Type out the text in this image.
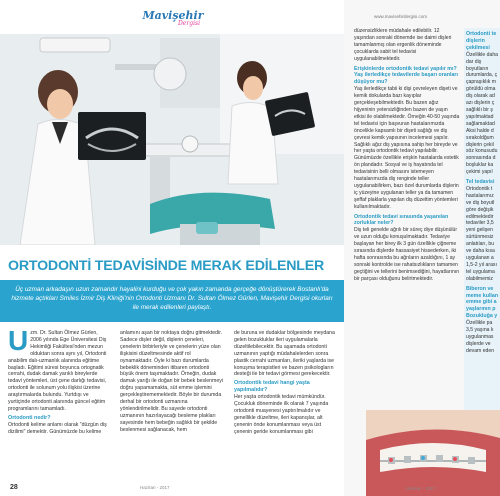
Mavişehir
Dergisi
ORTODONTİ TEDAVİSİNDE MERAK EDİLENLER
Üç uzman arkadaşın uzun zamandır hayalini kurduğu ve çok yakın zamanda gerçeğe dönüştürerek Bostanlı'da hizmete açtıkları Smiles İzmir Diş Kliniği'nin Ortodonti Uzmanı Dr. Sultan Ölmez Gürlen, Mavişehir Dergisi okurları ile merak edilenleri paylaştı.
U zm. Dr. Sultan Ölmez Gürlen, 2006 yılında Ege Üniversitesi Diş Hekimliği Fakültesi'nden mezun olduktan sonra aynı yıl, Ortodonti anabilim dalı-uzmanlık alanında eğitime başladı. Eğitimi süresi boyunca ortognatik cerrahi, dudak damak yarıklı bireylerde tedavi yöntemleri, üst çene darlığı tedavisi, ortodonti ile solunum yolu ilişkisi üzerine araştırmalarda bulundu. Yurtdışı ve yurtiçinde ortodonti alanında güncel eğitim programlarını tamamladı.

Ortodonti nedir?

Ortodonti kelime anlamı olarak "düzgün diş dizilimi" demektir. Günümüzde bu kelime

anlamını aşan bir noktaya doğru gitmektedir. Sadece dişler değil, dişlerin çeneleri, çenelerin birbirleriyle ve çenelerin yüze olan ilişkisini düzeltmesinde aktif rol oynamaktadır. Öyle ki bazı durumlarda bebeklik döneminden itibaren ortodonti büyük önem taşımaktadır. Örneğin, dudak damak yarığı ile doğan bir bebek beslenmeyi doğru yapamamakta, süt emme işlemini gerçekleştirememektedir. Böyle bir durumda derhal bir ortodonti uzmanına yönlendirilmelidir. Bu sayede ortodonti uzmanının hazırlayacağı besleme plakları sayesinde hem bebeğin sağlıklı bir şekilde beslenmesi sağlanacak, hem

de buruna ve dudaklar bölgesinde meydana gelen bozukluklar ileri uygulamalarla düzeltilebilecektir. Bu aşamada ortodonti uzmanının yaptığı müdahalelerden sonra plastik cerrahi uzmanları, ileriki yaşlarda ise konuşma terapistleri ve bazen psikologların desteği ile bir tedavi görmesi gerekecektir.

Ortodontik tedavi hangi yaşta yapılmalıdır?

Her yaşta ortodontik tedavi mümkündür. Çocukluk döneminde ilk olarak 7 yaşında ortodonti muayenesi yaptırılmalıdır ve genellikle düzeltme, ileri kapanışlar, alt çenenin önde konumlanması veya üst çenenin geride konumlanması gibi

28	Haziran - 2017
www.mavisehirdergisi.com

düzensizliklere müdahale edilebilir. 12 yaşından sonraki dönemde ise daimi dişleri tamamlanmış olan ergenlik döneminde çocuklarda sabit tel tedavisi uygulanabilmektedir.

Erişkinlerde ortodontik tedavi yapılır mı? Yaş ilerledikçe tedavilerde başarı oranları düşüyor mu?

Yaş ilerledikçe tabii ki dişi çevreleyen dişeti ve kemik dokularda bazı kayıplar gerçekleşebilmektedir. Bu bazen ağız hijyeninin yetersizliğinden bazen de yaşın etkisi ile olabilmektedir. Örneğin 40-50 yaşında tel tedavisi için başvuran hastalarımızda öncelikle kapsamlı bir dişeti sağlığı ve diş çevresi kemik yapısının incelemesi yapılır. Sağlıklı ağız diş yapısına sahip her bireyde ve her yaşta ortodontik tedavi yapılabilir. Günümüzde özellikle erişkin hastalarda estetik ön plandadır. Sosyal ve iş hayatında tel tedavisinin belli olmasını istemeyen hastalarımızda diş renginde teller uygulanabilirken, bazı özel durumlarda dişlerin iç yüzeyine uygulanan teller ya da tamamen şeffaf plaklarla yapılan diş düzeltim yöntemleri kullanılmaktadır.

Ortodontik tedavi sırasında yaşanılan zorluklar neler?

Diş teli genelde ağrılı bir süreç diye düşünülür ve uzun olduğu konuşulmaktadır. Tedaviye başlayan her birey ilk 3 gün özellikle çiğneme sırasında dişlerde hassasiyet hissederken, iki hafta sonrasında bu ağrıların azaldığını, 1 ay sonraki kontrolde ise rahatsızlıkların tamamen geçtiğini ve tellerini benimsediğini, hayatlarının bir parçası olduğunu belirtmektedir.

Ortodonti te dişlerin çekilmesi

Özellikle daha dar diş boyutların durumlarda, ç çapraşıklık m görüldü olma diş olarak ad azı dişlerin ç sağlıklı bir ş yapılmaktad sağlamaktad Aksi halde d sırakoldğum dişlerin çekil söz konusudu sonrasında d boşluklar ka çekimi yapıl

Tel tedavisi

Ortodontik t hastalarımız ve diş boyutl göre değişik edilmektedir tedaviler 3,5 yeni gelişen sürtünmesiz anlatıları, bu ve daha kısa uygulanan a 1,5-2 yıl arası tel uygulama olabilmemiz

Biberon ve meme kullan emme gibi a yaşlarının p Bozukluğa y

Özellikle pa 3,5 yaşına k uygulanmas dişlerde ve devam eden

Haziran - 2017
